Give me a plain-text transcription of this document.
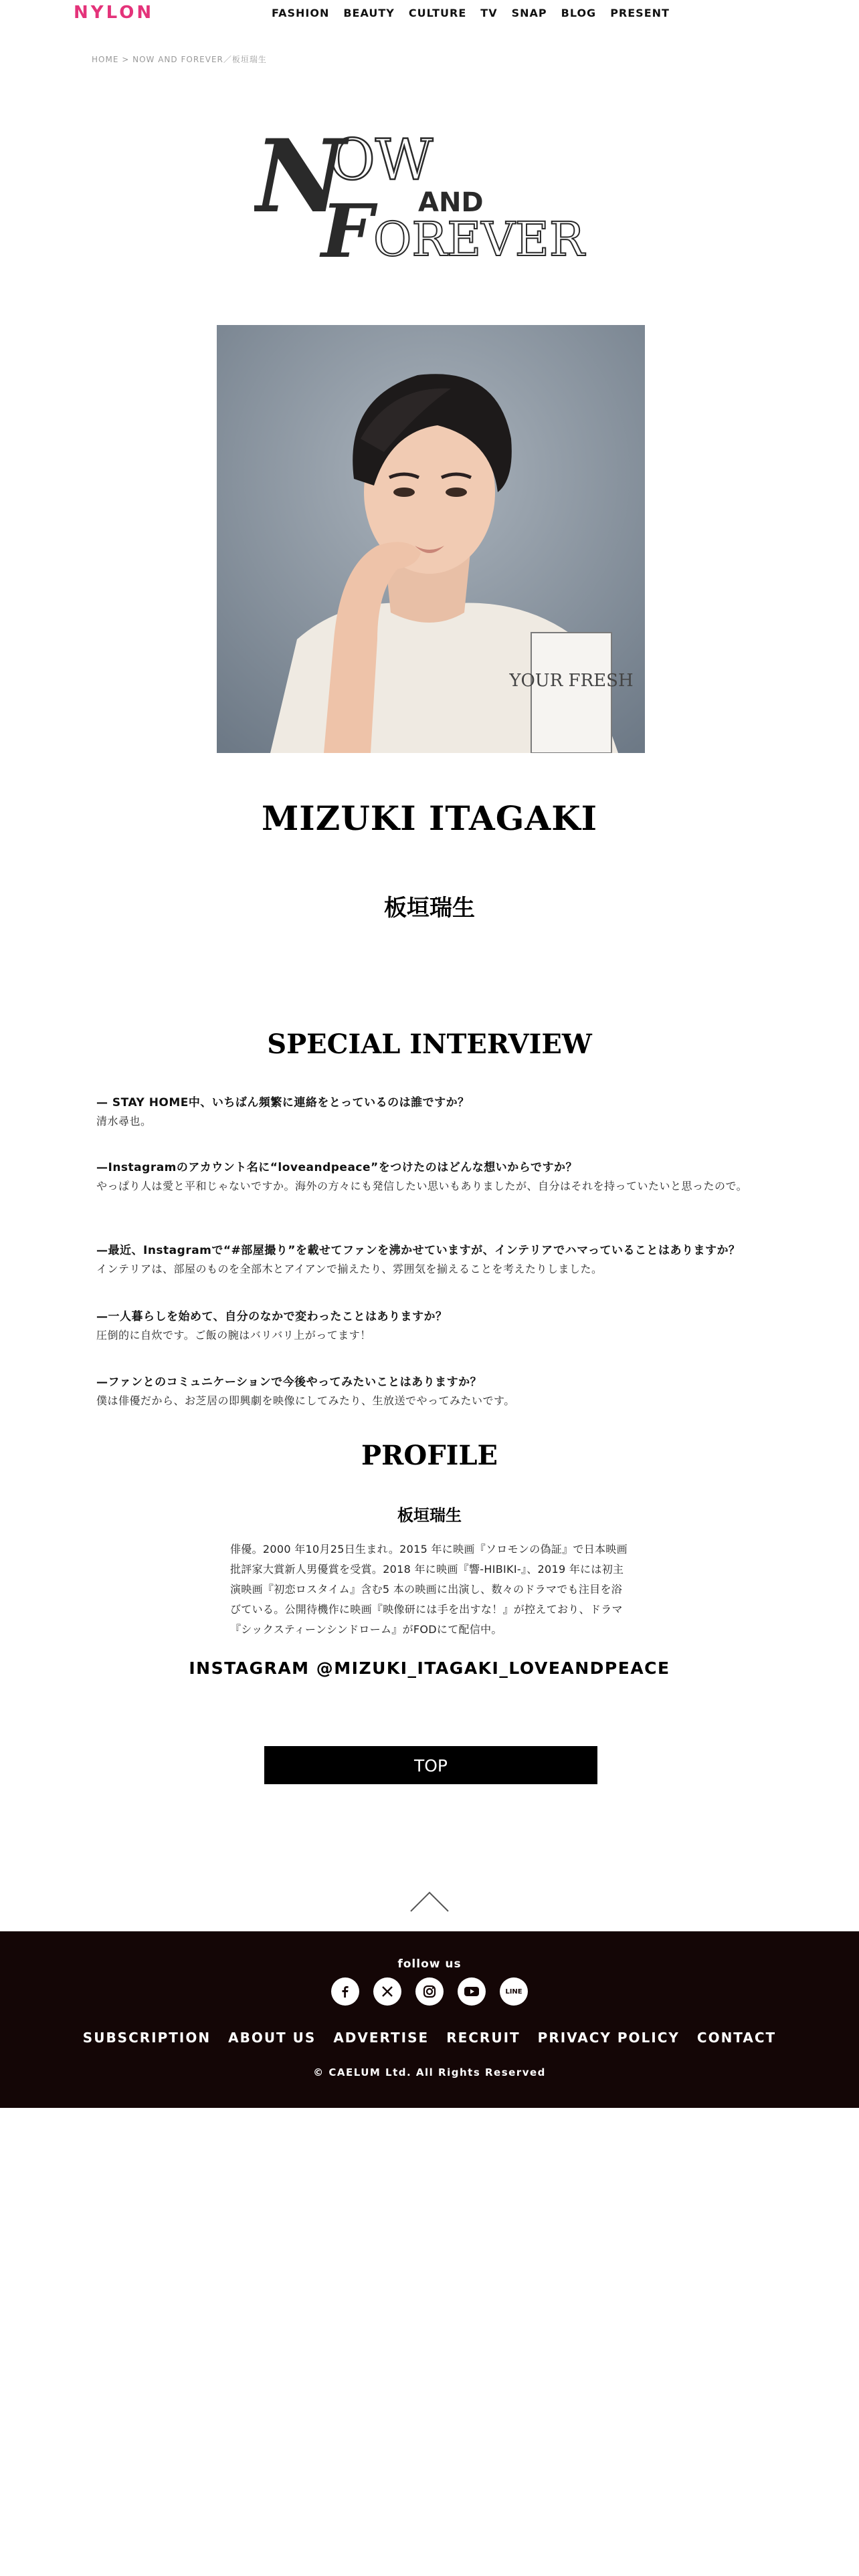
NYLON	FASHION BEAUTY CULTURE TV SNAP BLOG PRESENT
HOME > NOW AND FOREVER／板垣瑞生
N
OW
AND
F OREVER
YOUR FRESH
MIZUKI ITAGAKI
板垣瑞生
SPECIAL INTERVIEW
— STAY HOME中、いちばん頻繁に連絡をとっているのは誰ですか？
清水尋也。
—Instagramのアカウント名に“loveandpeace”をつけたのはどんな想いからですか？
やっぱり人は愛と平和じゃないですか。海外の方々にも発信したい思いもありましたが、自分はそれを持っていたいと思ったので。
—最近、Instagramで“#部屋撮り”を載せてファンを沸かせていますが、インテリアでハマっていることはありますか？
インテリアは、部屋のものを全部木とアイアンで揃えたり、雰囲気を揃えることを考えたりしました。
—一人暮らしを始めて、自分のなかで変わったことはありますか？
圧倒的に自炊です。ご飯の腕はバリバリ上がってます！
—ファンとのコミュニケーションで今後やってみたいことはありますか？
僕は俳優だから、お芝居の即興劇を映像にしてみたり、生放送でやってみたいです。
PROFILE
板垣瑞生
俳優。2000 年10月25日生まれ。2015 年に映画『ソロモンの偽証』で日本映画批評家大賞新人男優賞を受賞。2018 年に映画『響-HIBIKI-』、2019 年には初主演映画『初恋ロスタイム』含む5 本の映画に出演し、数々のドラマでも注目を浴びている。公開待機作に映画『映像研には手を出すな！』が控えており、ドラマ『シックスティーンシンドローム』がFODにて配信中。
INSTAGRAM @MIZUKI_ITAGAKI_LOVEANDPEACE
TOP
follow us
LINE
SUBSCRIPTION ABOUT US ADVERTISE RECRUIT PRIVACY POLICY CONTACT
© CAELUM Ltd. All Rights Reserved
